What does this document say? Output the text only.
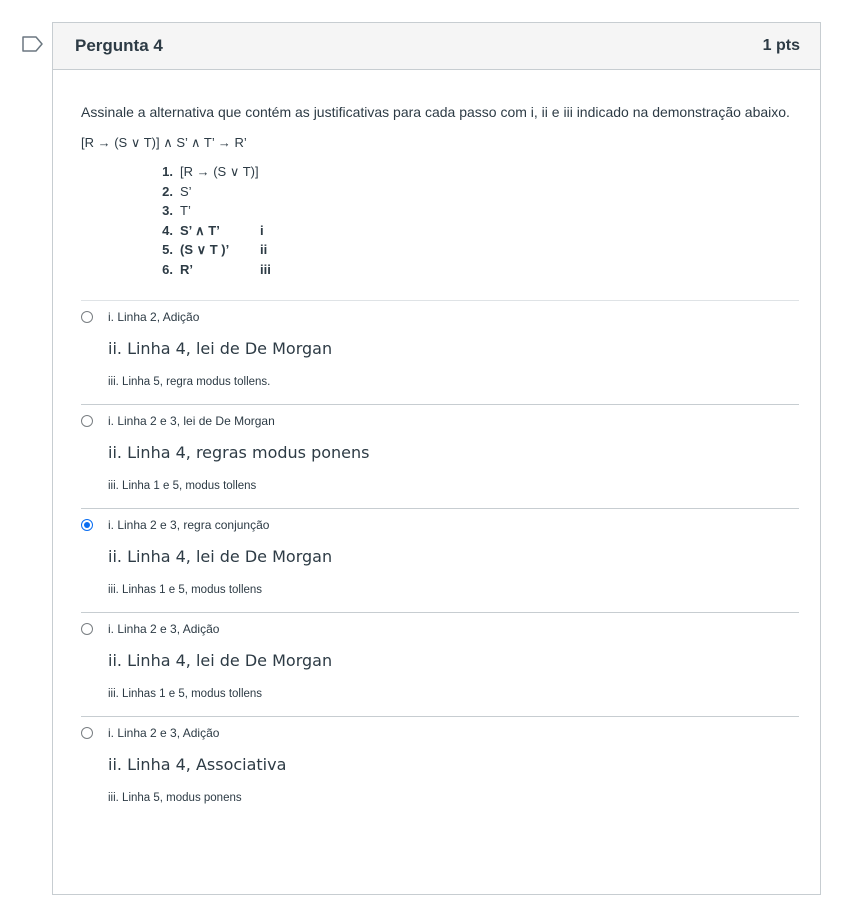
Pergunta 4	1 pts

Assinale a alternativa que contém as justificativas para cada passo com i, ii e iii indicado na demonstração abaixo.

[R → (S ∨ T)] ∧ S’ ∧ T’ → R’

1. [R → (S ∨ T)]
2. S’
3. T’
4. S’ ∧ T’	i
5. (S ∨ T )’	ii
6. R’	iii
i. Linha 2, Adição
ii. Linha 4, lei de De Morgan
iii. Linha 5, regra modus tollens.
i. Linha 2 e 3, lei de De Morgan
ii. Linha 4, regras modus ponens
iii. Linha 1 e 5, modus tollens
i. Linha 2 e 3, regra conjunção
ii. Linha 4, lei de De Morgan
iii. Linhas 1 e 5, modus tollens
i. Linha 2 e 3, Adição
ii. Linha 4, lei de De Morgan
iii. Linhas 1 e 5, modus tollens
i. Linha 2 e 3, Adição
ii. Linha 4, Associativa
iii. Linha 5, modus ponens
